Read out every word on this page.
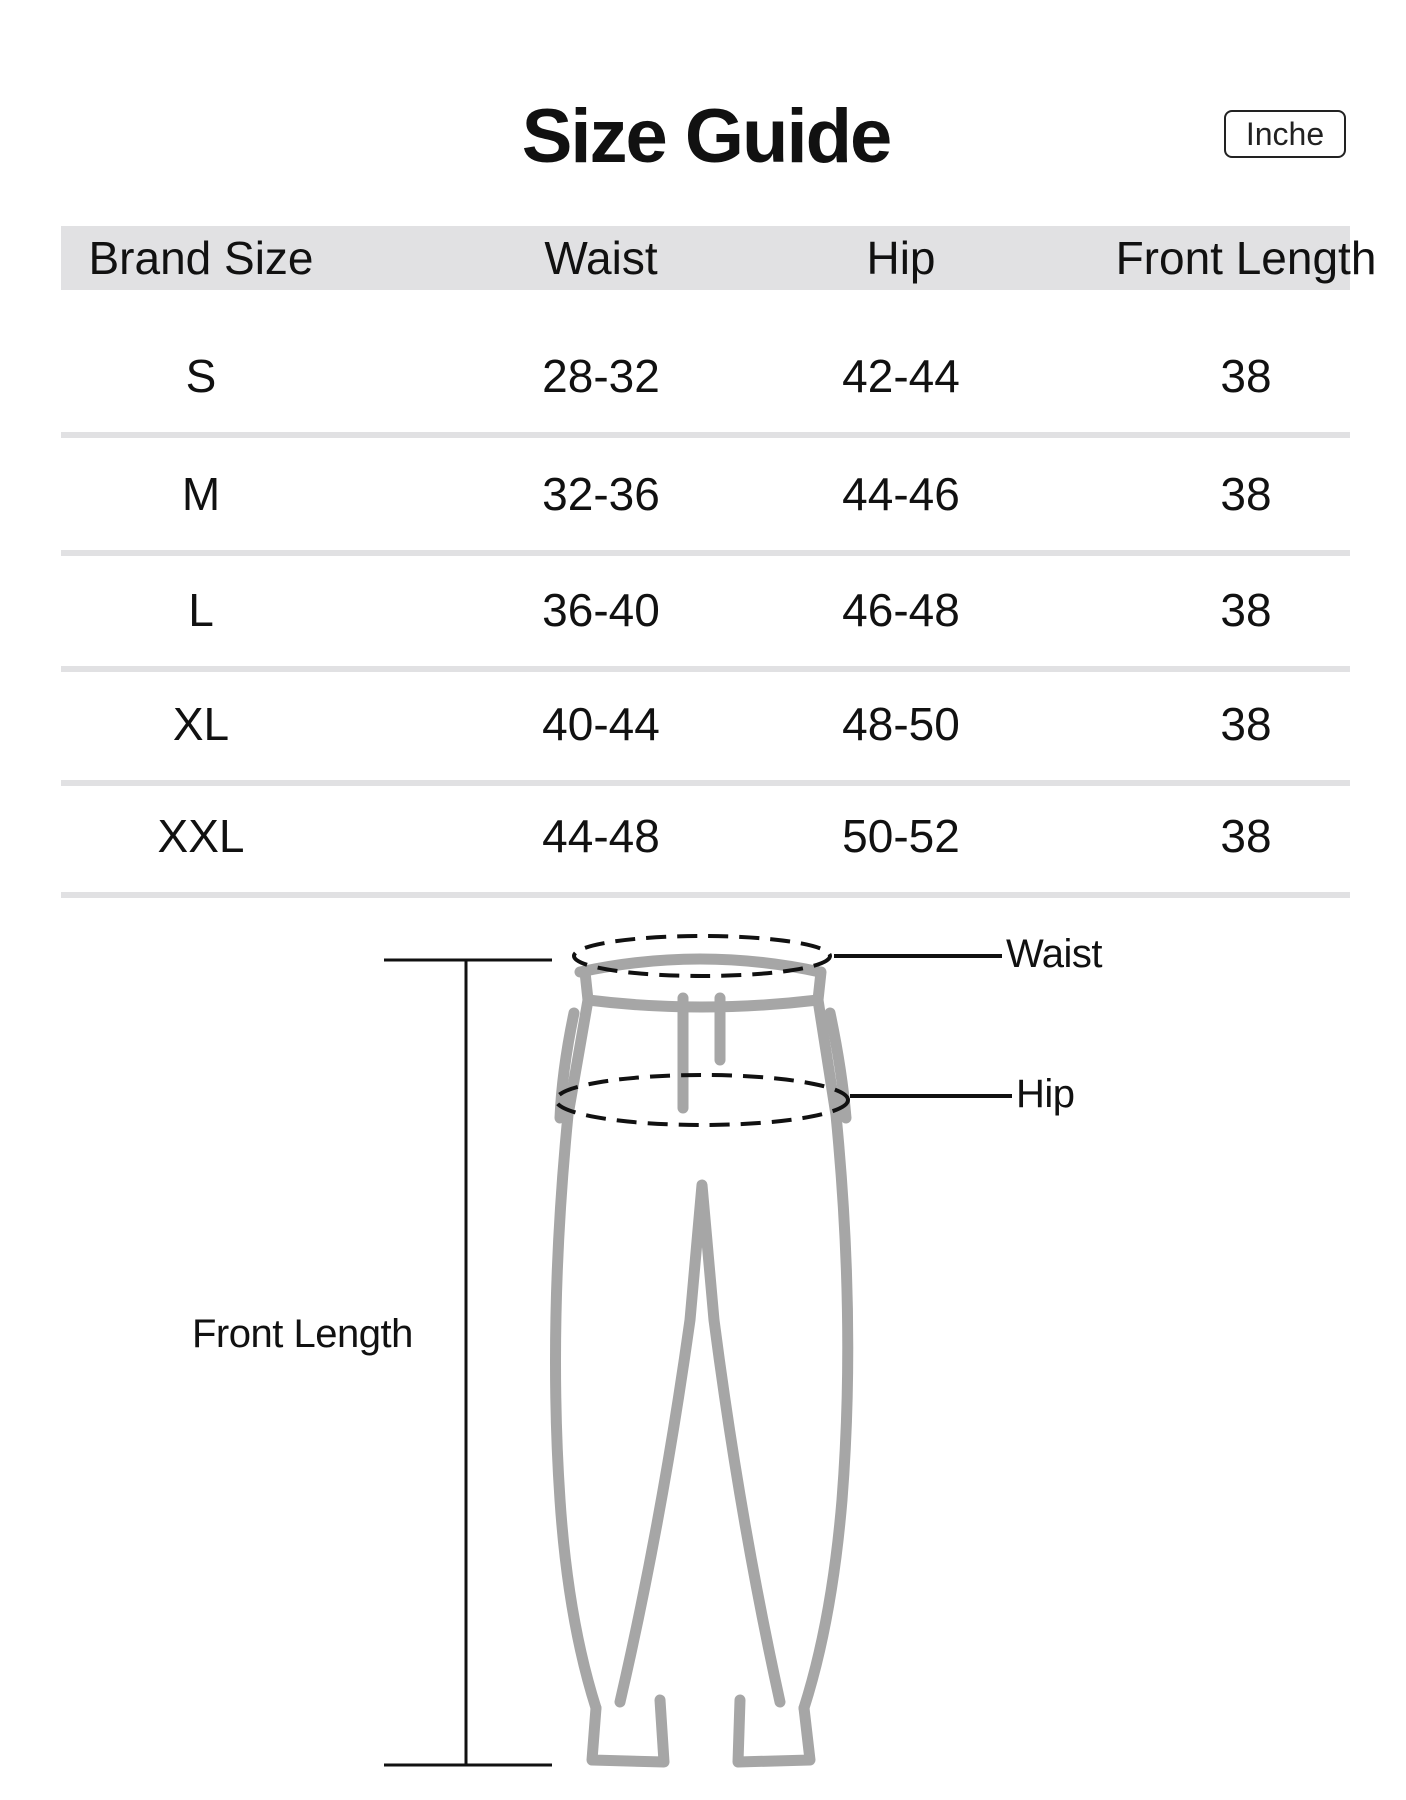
Size Guide	Inche
Brand Size	Waist	Hip	Front Length
S	28-32	42-44	38
M	32-36	44-46	38
L	36-40	46-48	38
XL	40-44	48-50	38
XXL	44-48	50-52	38
Waist
Hip
Front Length
